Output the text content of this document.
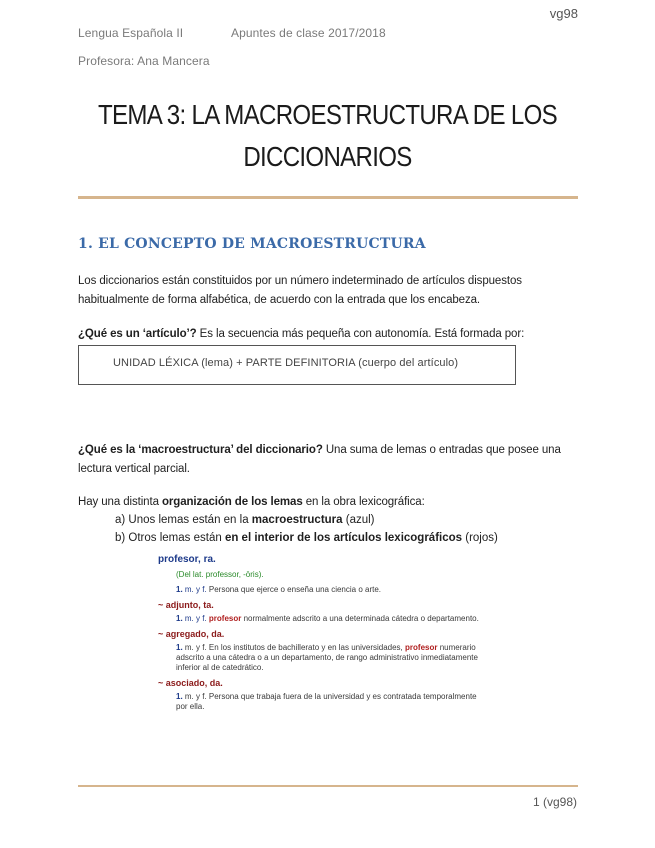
vg98
Lengua Española II	Apuntes de clase 2017/2018
Profesora: Ana Mancera
TEMA 3: LA MACROESTRUCTURA DE LOS
DICCIONARIOS
1. EL CONCEPTO DE MACROESTRUCTURA
Los diccionarios están constituidos por un número indeterminado de artículos dispuestos
habitualmente de forma alfabética, de acuerdo con la entrada que los encabeza.
¿Qué es un ‘artículo’? Es la secuencia más pequeña con autonomía. Está formada por:
UNIDAD LÉXICA (lema) + PARTE DEFINITORIA (cuerpo del artículo)
¿Qué es la ‘macroestructura’ del diccionario? Una suma de lemas o entradas que posee una
lectura vertical parcial.
Hay una distinta organización de los lemas en la obra lexicográfica:
a) Unos lemas están en la macroestructura (azul)
b) Otros lemas están en el interior de los artículos lexicográficos (rojos)
profesor, ra.
(Del lat. professor, -ōris).
1. m. y f. Persona que ejerce o enseña una ciencia o arte.
~ adjunto, ta.
1. m. y f. profesor normalmente adscrito a una determinada cátedra o departamento.
~ agregado, da.
1. m. y f. En los institutos de bachillerato y en las universidades, profesor numerario
adscrito a una cátedra o a un departamento, de rango administrativo inmediatamente
inferior al de catedrático.
~ asociado, da.
1. m. y f. Persona que trabaja fuera de la universidad y es contratada temporalmente
por ella.
1 (vg98)
